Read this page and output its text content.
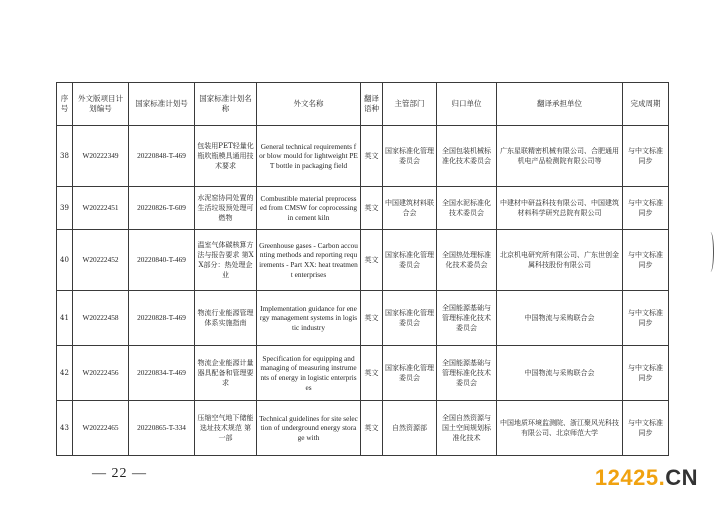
序号	外文版项目计划编号	国家标准计划号	国家标准计划名称	外文名称	翻译语种	主管部门	归口单位	翻译承担单位	完成周期
38	W20222349	20220848-T-469	包装用PET轻量化瓶吹瓶模具通用技术要求	General technical requirements for blow mould for lightweight PET bottle in packaging field	英文	国家标准化管理委员会	全国包装机械标准化技术委员会	广东星联精密机械有限公司、合肥通用机电产品检测院有限公司等	与中文标准同步
39	W20222451	20220826-T-609	水泥窑协同处置的生活垃圾预处理可燃物	Combustible material preprocessed from CMSW for coprocessing in cement kiln	英文	中国建筑材料联合会	全国水泥标准化技术委员会	中建材中研益科技有限公司、中国建筑材料科学研究总院有限公司	与中文标准同步
40	W20222452	20220840-T-469	温室气体碳核算方法与报告要求 第XX部分：热处理企业	Greenhouse gases - Carbon accounting methods and reporting requirements - Part XX: heat treatment enterprises	英文	国家标准化管理委员会	全国热处理标准化技术委员会	北京机电研究所有限公司、广东世创金属科技股份有限公司	与中文标准同步
41	W20222458	20220828-T-469	物流行业能源管理体系实施指南	Implementation guidance for energy management systems in logistic industry	英文	国家标准化管理委员会	全国能源基础与管理标准化技术委员会	中国物流与采购联合会	与中文标准同步
42	W20222456	20220834-T-469	物流企业能源计量器具配备和管理要求	Specification for equipping and managing of measuring instruments of energy in logistic enterprises	英文	国家标准化管理委员会	全国能源基础与管理标准化技术委员会	中国物流与采购联合会	与中文标准同步
43	W20222465	20220865-T-334	压缩空气地下储能选址技术规范 第一部	Technical guidelines for site selection of underground energy storage with	英文	自然资源部	全国自然资源与国土空间规划标准化技术	中国地质环境监测院、浙江聚风光科技有限公司、北京师范大学	与中文标准同步
— 22 —	12425.CN
